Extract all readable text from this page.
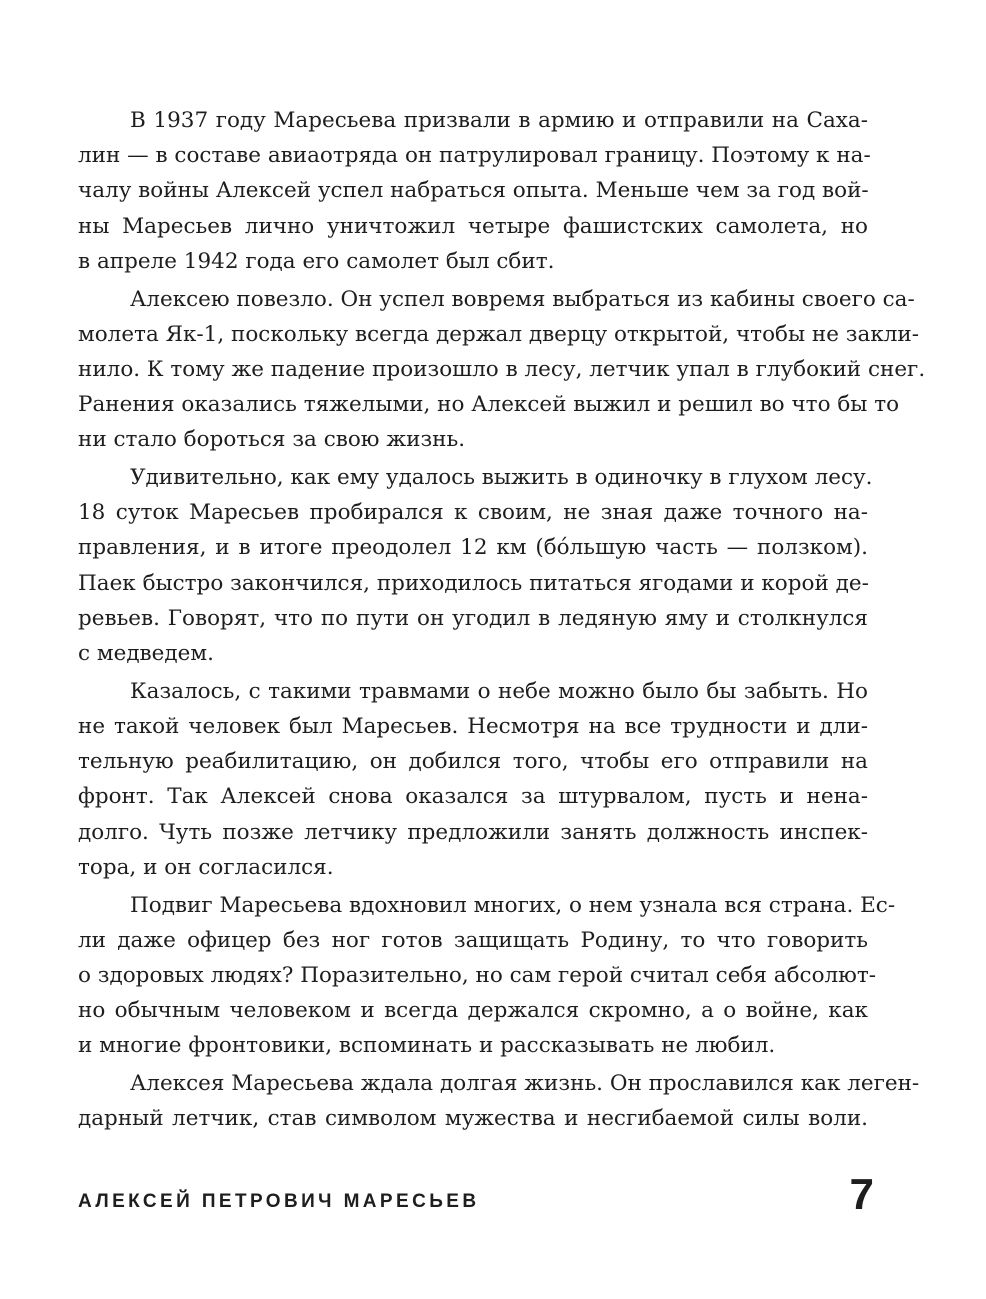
В 1937 году Маресьева призвали в армию и отправили на Саха-
лин — в составе авиаотряда он патрулировал границу. Поэтому к на-
чалу войны Алексей успел набраться опыта. Меньше чем за год вой-
ны Маресьев лично уничтожил четыре фашистских самолета, но
в апреле 1942 года его самолет был сбит.
Алексею повезло. Он успел вовремя выбраться из кабины своего са-
молета Як-1, поскольку всегда держал дверцу открытой, чтобы не закли-
нило. К тому же падение произошло в лесу, летчик упал в глубокий снег.
Ранения оказались тяжелыми, но Алексей выжил и решил во что бы то
ни стало бороться за свою жизнь.
Удивительно, как ему удалось выжить в одиночку в глухом лесу.
18 суток Маресьев пробирался к своим, не зная даже точного на-
правления, и в итоге преодолел 12 км (бóльшую часть — ползком).
Паек быстро закончился, приходилось питаться ягодами и корой де-
ревьев. Говорят, что по пути он угодил в ледяную яму и столкнулся
с медведем.
Казалось, с такими травмами о небе можно было бы забыть. Но
не такой человек был Маресьев. Несмотря на все трудности и дли-
тельную реабилитацию, он добился того, чтобы его отправили на
фронт. Так Алексей снова оказался за штурвалом, пусть и нена-
долго. Чуть позже летчику предложили занять должность инспек-
тора, и он согласился.
Подвиг Маресьева вдохновил многих, о нем узнала вся страна. Ес-
ли даже офицер без ног готов защищать Родину, то что говорить
о здоровых людях? Поразительно, но сам герой считал себя абсолют-
но обычным человеком и всегда держался скромно, а о войне, как
и многие фронтовики, вспоминать и рассказывать не любил.
Алексея Маресьева ждала долгая жизнь. Он прославился как леген-
дарный летчик, став символом мужества и несгибаемой силы воли.
АЛЕКСЕЙ ПЕТРОВИЧ МАРЕСЬЕВ	7
